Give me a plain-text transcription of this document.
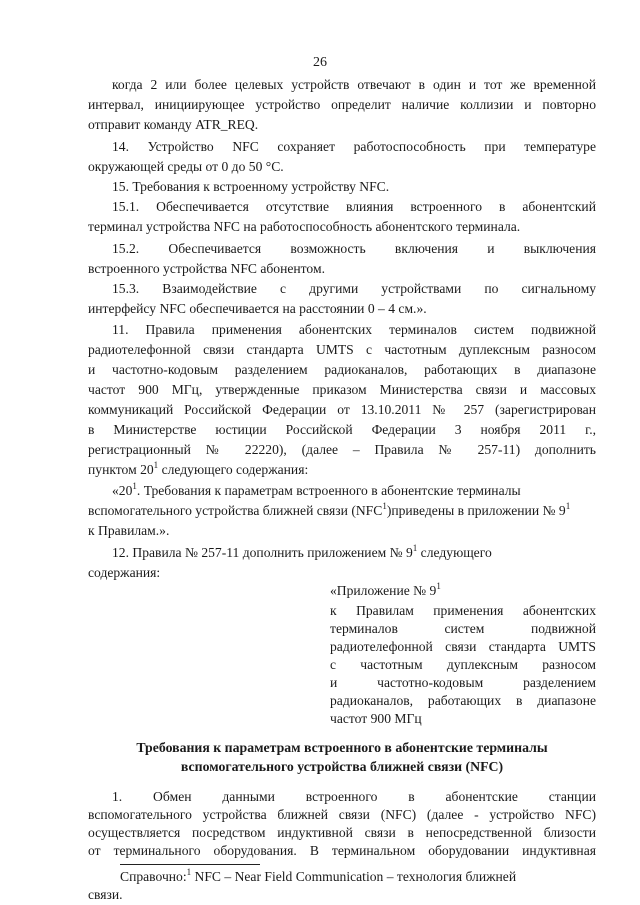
26
когда 2 или более целевых устройств отвечают в один и тот же временной
интервал, инициирующее устройство определит наличие коллизии и повторно
отправит команду ATR_REQ.
14. Устройство NFC сохраняет работоспособность при температуре
окружающей среды от 0 до 50 °С.
15. Требования к встроенному устройству NFC.
15.1. Обеспечивается отсутствие влияния встроенного в абонентский
терминал устройства NFC на работоспособность абонентского терминала.
15.2. Обеспечивается возможность включения и выключения
встроенного устройства NFC абонентом.
15.3. Взаимодействие с другими устройствами по сигнальному
интерфейсу NFC обеспечивается на расстоянии 0 – 4 см.».
11. Правила применения абонентских терминалов систем подвижной
радиотелефонной связи стандарта UMTS с частотным дуплексным разносом
и частотно-кодовым разделением радиоканалов, работающих в диапазоне
частот 900 МГц, утвержденные приказом Министерства связи и массовых
коммуникаций Российской Федерации от 13.10.2011 № 257 (зарегистрирован
в Министерстве юстиции Российской Федерации 3 ноября 2011 г.,
регистрационный № 22220), (далее – Правила № 257-11) дополнить
пунктом $20^1$ следующего содержания:
«$20^1$. Требования к параметрам встроенного в абонентские терминалы
вспомогательного устройства ближней связи (NFC$^1$)приведены в приложении № $9^1$
к Правилам.».
12. Правила № 257-11 дополнить приложением № $9^1$ следующего
содержания:
«Приложение № $9^1$
к Правилам применения абонентских
терминалов систем подвижной
радиотелефонной связи стандарта UMTS
с частотным дуплексным разносом
и частотно-кодовым разделением
радиоканалов, работающих в диапазоне
частот 900 МГц
Требования к параметрам встроенного в абонентские терминалы
вспомогательного устройства ближней связи (NFC)
1. Обмен данными встроенного в абонентские станции
вспомогательного устройства ближней связи (NFC) (далее - устройство NFC)
осуществляется посредством индуктивной связи в непосредственной близости
от терминального оборудования. В терминальном оборудовании индуктивная
Справочно:$^1$ NFC – Near Field Communication – технология ближней
связи.
